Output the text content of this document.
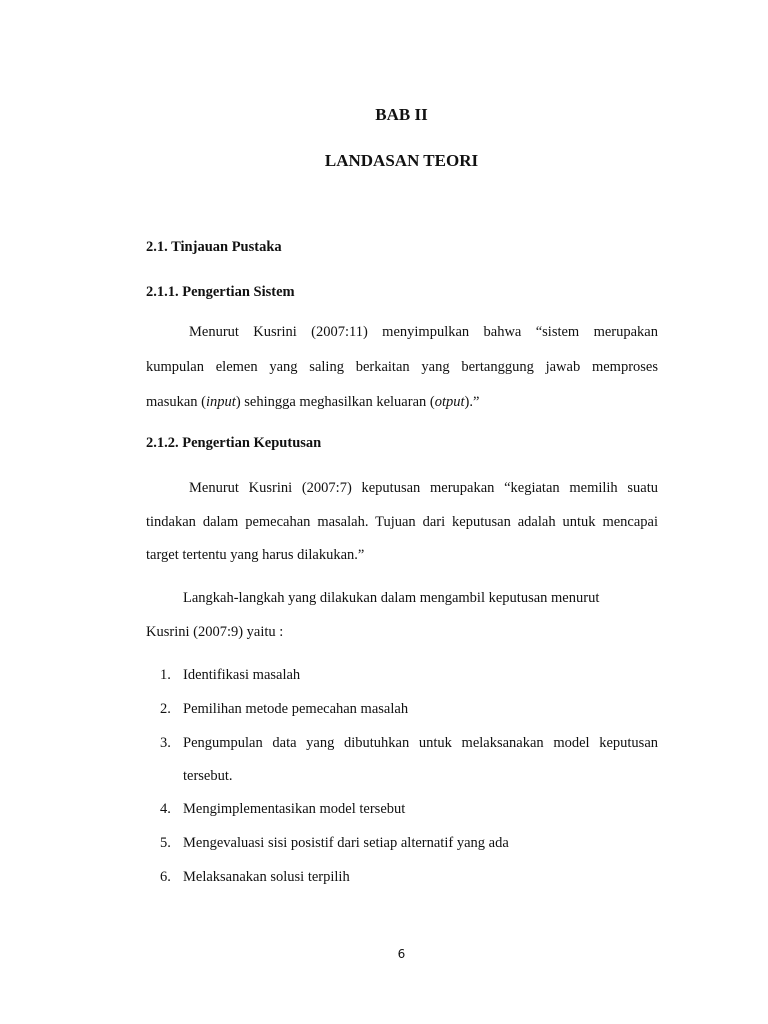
BAB II

LANDASAN TEORI

2.1. Tinjauan Pustaka

2.1.1. Pengertian Sistem

Menurut Kusrini (2007:11) menyimpulkan bahwa “sistem merupakan

kumpulan elemen yang saling berkaitan yang bertanggung jawab memproses

masukan (input) sehingga meghasilkan keluaran (otput).”

2.1.2. Pengertian Keputusan

Menurut Kusrini (2007:7) keputusan merupakan “kegiatan memilih suatu

tindakan dalam pemecahan masalah. Tujuan dari keputusan adalah untuk mencapai

target tertentu yang harus dilakukan.”

Langkah-langkah yang dilakukan dalam mengambil keputusan menurut

Kusrini (2007:9) yaitu :

1. Identifikasi masalah

2. Pemilihan metode pemecahan masalah

3. Pengumpulan data yang dibutuhkan untuk melaksanakan model keputusan

tersebut.

4. Mengimplementasikan model tersebut

5. Mengevaluasi sisi posistif dari setiap alternatif yang ada

6. Melaksanakan solusi terpilih

6
